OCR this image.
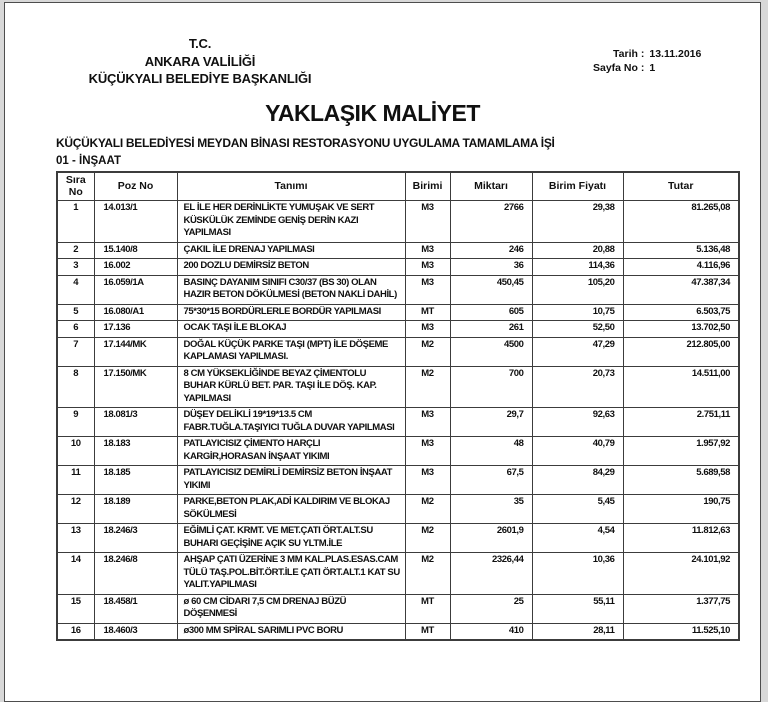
T.C.
ANKARA VALİLİĞİ
KÜÇÜKYALI BELEDİYE BAŞKANLIĞI
Tarih : 13.11.2016
Sayfa No : 1
YAKLAŞIK MALİYET
KÜÇÜKYALI BELEDİYESİ MEYDAN BİNASI RESTORASYONU UYGULAMA TAMAMLAMA İŞİ
01 - İNŞAAT
Sıra No	Poz No	Tanımı	Birimi	Miktarı	Birim Fiyatı	Tutar
1	14.013/1	EL İLE HER DERİNLİKTE YUMUŞAK VE SERT KÜSKÜLÜK ZEMİNDE GENİŞ DERİN KAZI YAPILMASI	M3	2766	29,38	81.265,08
2	15.140/8	ÇAKIL İLE DRENAJ YAPILMASI	M3	246	20,88	5.136,48
3	16.002	200 DOZLU DEMİRSİZ BETON	M3	36	114,36	4.116,96
4	16.059/1A	BASINÇ DAYANIM SINIFI C30/37 (BS 30) OLAN HAZIR BETON DÖKÜLMESİ (BETON NAKLİ DAHİL)	M3	450,45	105,20	47.387,34
5	16.080/A1	75*30*15 BORDÜRLERLE BORDÜR YAPILMASI	MT	605	10,75	6.503,75
6	17.136	OCAK TAŞI İLE BLOKAJ	M3	261	52,50	13.702,50
7	17.144/MK	DOĞAL KÜÇÜK PARKE TAŞI (MPT) İLE DÖŞEME KAPLAMASI YAPILMASI.	M2	4500	47,29	212.805,00
8	17.150/MK	8 CM YÜKSEKLİĞİNDE BEYAZ ÇİMENTOLU BUHAR KÜRLÜ BET. PAR. TAŞI İLE DÖŞ. KAP. YAPILMASI	M2	700	20,73	14.511,00
9	18.081/3	DÜŞEY DELİKLİ 19*19*13.5 CM FABR.TUĞLA.TAŞIYICI TUĞLA DUVAR YAPILMASI	M3	29,7	92,63	2.751,11
10	18.183	PATLAYICISIZ ÇİMENTO HARÇLI KARGİR,HORASAN İNŞAAT YIKIMI	M3	48	40,79	1.957,92
11	18.185	PATLAYICISIZ DEMİRLİ DEMİRSİZ BETON İNŞAAT YIKIMI	M3	67,5	84,29	5.689,58
12	18.189	PARKE,BETON PLAK,ADİ KALDIRIM VE BLOKAJ SÖKÜLMESİ	M2	35	5,45	190,75
13	18.246/3	EĞİMLİ ÇAT. KRMT. VE MET.ÇATI ÖRT.ALT.SU BUHARI GEÇİŞİNE AÇIK SU YLTM.İLE	M2	2601,9	4,54	11.812,63
14	18.246/8	AHŞAP ÇATI ÜZERİNE 3 MM KAL.PLAS.ESAS.CAM TÜLÜ TAŞ.POL.BİT.ÖRT.İLE ÇATI ÖRT.ALT.1 KAT SU YALIT.YAPILMASI	M2	2326,44	10,36	24.101,92
15	18.458/1	ø 60 CM CİDARI 7,5 CM DRENAJ BÜZÜ DÖŞENMESİ	MT	25	55,11	1.377,75
16	18.460/3	ø300 MM SPİRAL SARIMLI PVC BORU	MT	410	28,11	11.525,10
